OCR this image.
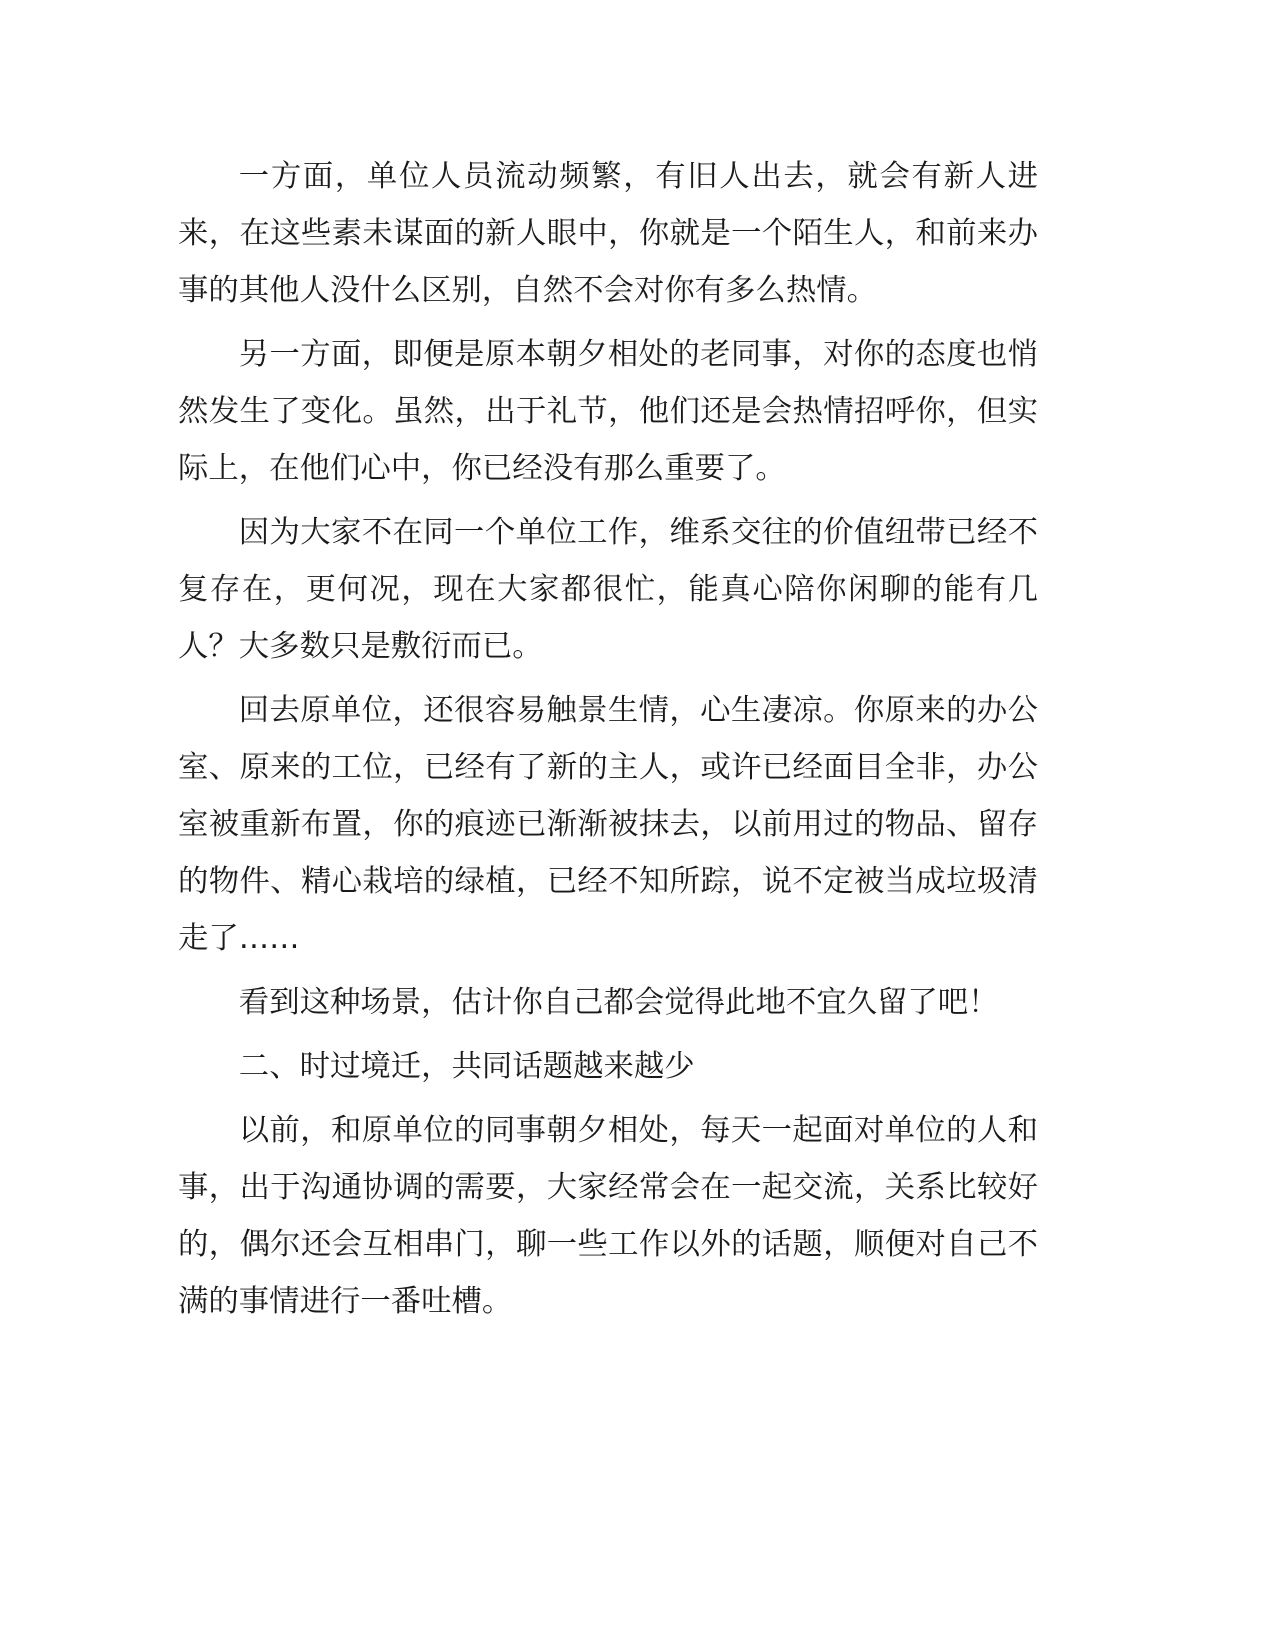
一方面，单位人员流动频繁，有旧人出去，就会有新人进来，在这些素未谋面的新人眼中，你就是一个陌生人，和前来办事的其他人没什么区别，自然不会对你有多么热情。

另一方面，即便是原本朝夕相处的老同事，对你的态度也悄然发生了变化。虽然，出于礼节，他们还是会热情招呼你，但实际上，在他们心中，你已经没有那么重要了。

因为大家不在同一个单位工作，维系交往的价值纽带已经不复存在，更何况，现在大家都很忙，能真心陪你闲聊的能有几人？大多数只是敷衍而已。

回去原单位，还很容易触景生情，心生凄凉。你原来的办公室、原来的工位，已经有了新的主人，或许已经面目全非，办公室被重新布置，你的痕迹已渐渐被抹去，以前用过的物品、留存的物件、精心栽培的绿植，已经不知所踪，说不定被当成垃圾清走了……

看到这种场景，估计你自己都会觉得此地不宜久留了吧！

二、时过境迁，共同话题越来越少

以前，和原单位的同事朝夕相处，每天一起面对单位的人和事，出于沟通协调的需要，大家经常会在一起交流，关系比较好的，偶尔还会互相串门，聊一些工作以外的话题，顺便对自己不满的事情进行一番吐槽。
